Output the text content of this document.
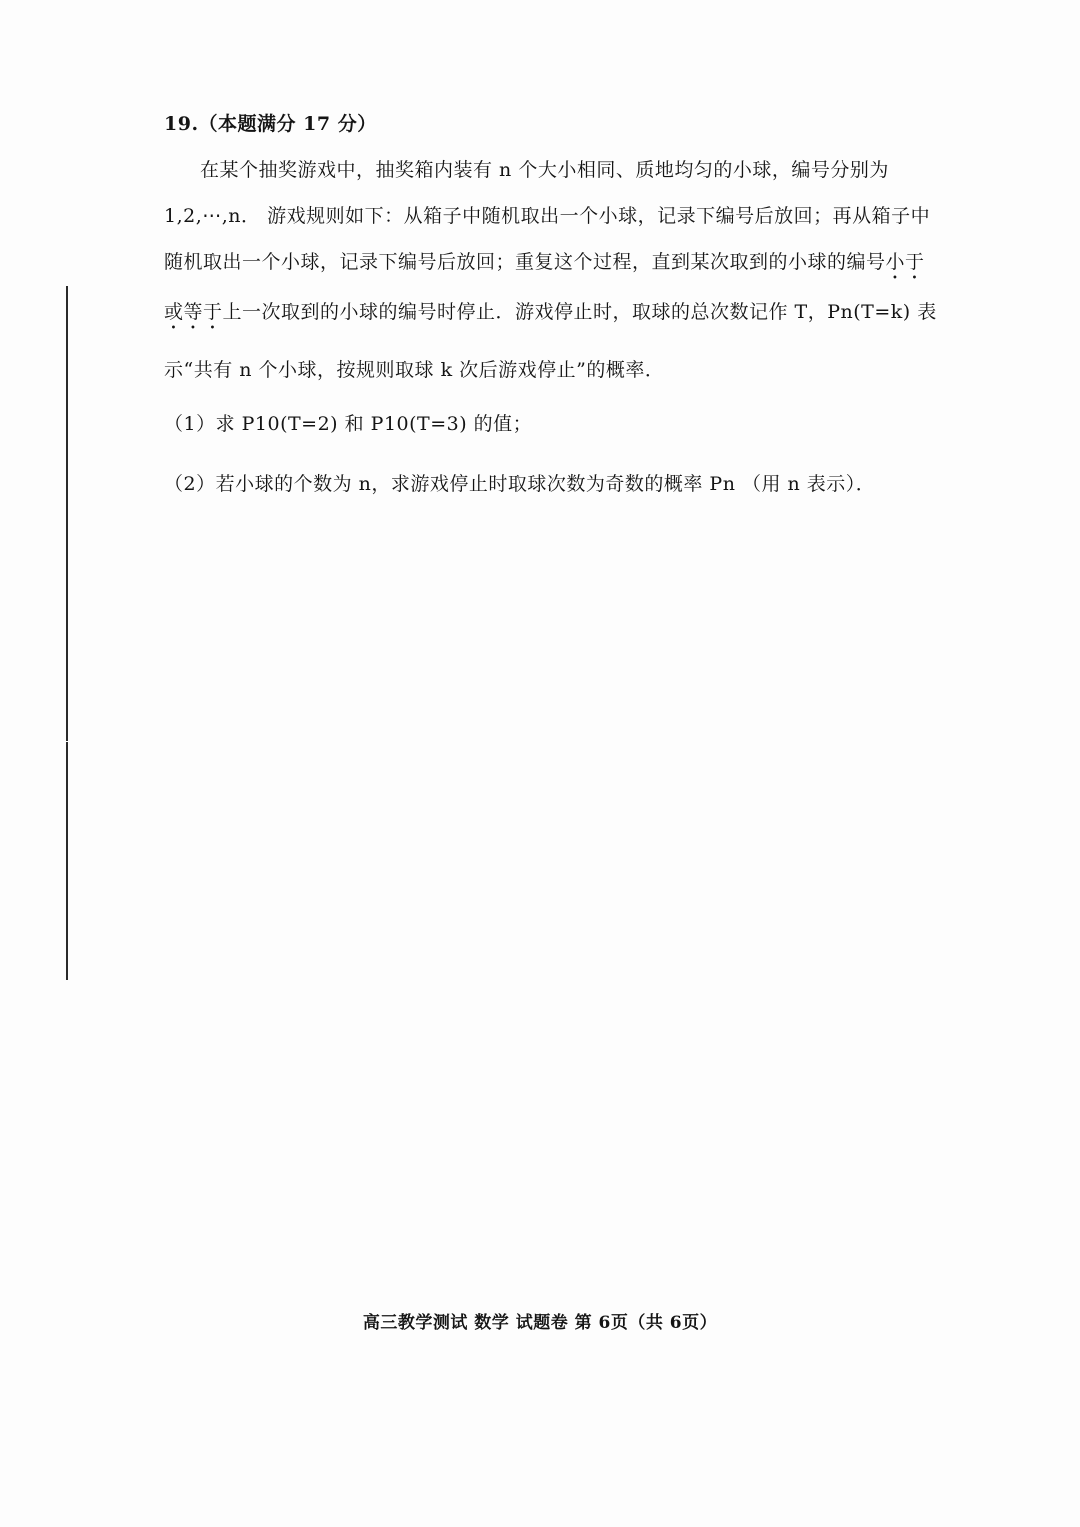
19.（本题满分 17 分）
在某个抽奖游戏中，抽奖箱内装有 n 个大小相同、质地均匀的小球，编号分别为
1,2,⋯,n． 游戏规则如下：从箱子中随机取出一个小球，记录下编号后放回；再从箱子中
随机取出一个小球，记录下编号后放回；重复这个过程，直到某次取到的小球的编号小于
或等于上一次取到的小球的编号时停止．游戏停止时，取球的总次数记作 T，Pn(T=k) 表
示“共有 n 个小球，按规则取球 k 次后游戏停止”的概率．
（1）求 P10(T=2) 和 P10(T=3) 的值；
（2）若小球的个数为 n，求游戏停止时取球次数为奇数的概率 Pn （用 n 表示）．
高三教学测试 数学 试题卷 第 6页（共 6页）
